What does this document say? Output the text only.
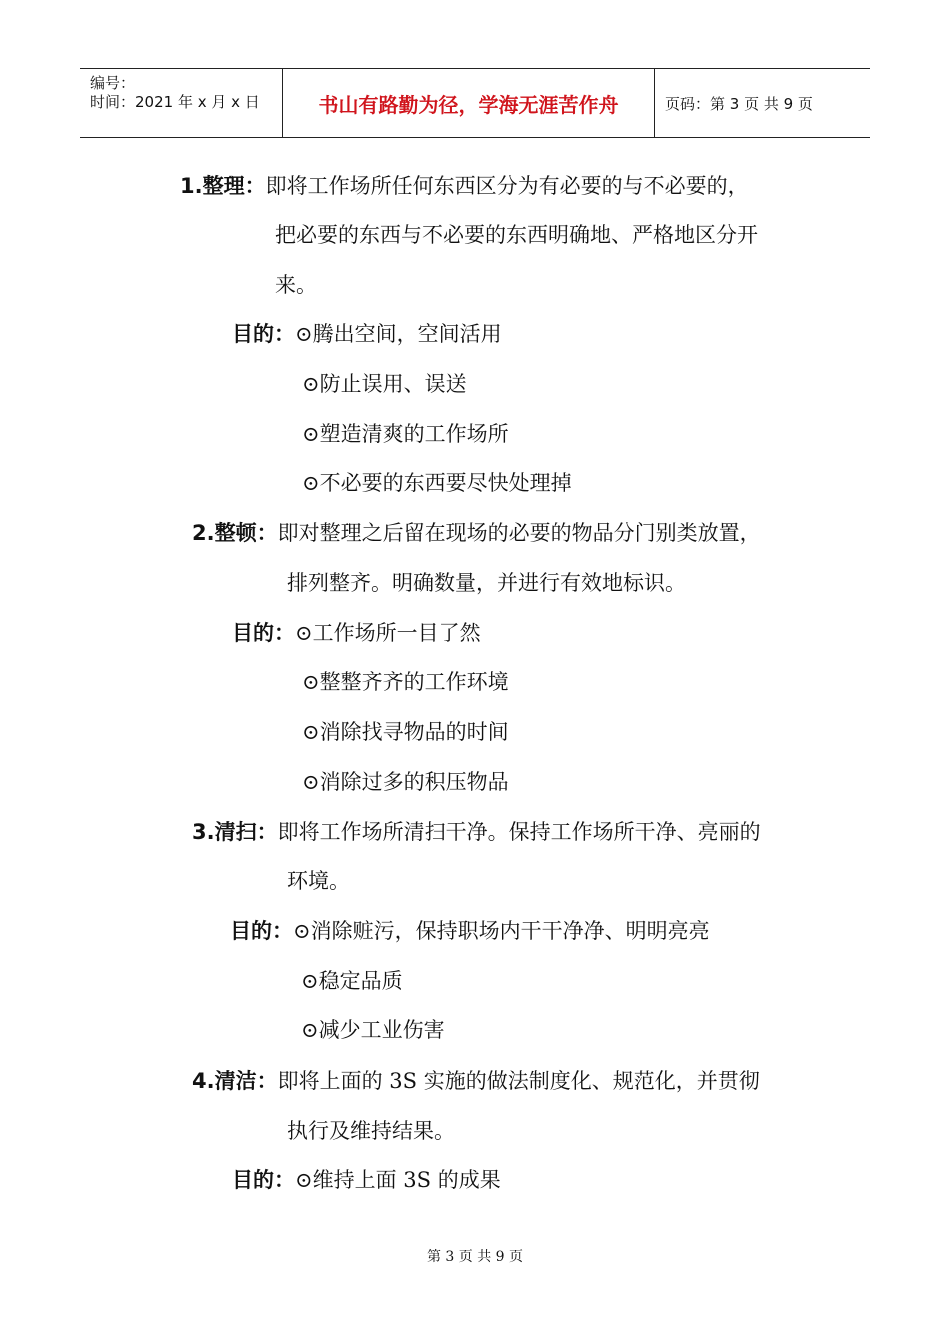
编号：
时间：2021 年 x 月 x 日	书山有路勤为径，学海无涯苦作舟	页码：第 3 页 共 9 页
1.整理：即将工作场所任何东西区分为有必要的与不必要的，
把必要的东西与不必要的东西明确地、严格地区分开
来。
目的：⊙腾出空间，空间活用
⊙防止误用、误送
⊙塑造清爽的工作场所
⊙不必要的东西要尽快处理掉
2.整顿：即对整理之后留在现场的必要的物品分门别类放置，
排列整齐。明确数量，并进行有效地标识。
目的：⊙工作场所一目了然
⊙整整齐齐的工作环境
⊙消除找寻物品的时间
⊙消除过多的积压物品
3.清扫：即将工作场所清扫干净。保持工作场所干净、亮丽的
环境。
目的：⊙消除赃污，保持职场内干干净净、明明亮亮
⊙稳定品质
⊙减少工业伤害
4.清洁：即将上面的 3S 实施的做法制度化、规范化，并贯彻
执行及维持结果。
目的：⊙维持上面 3S 的成果
第 3 页 共 9 页
